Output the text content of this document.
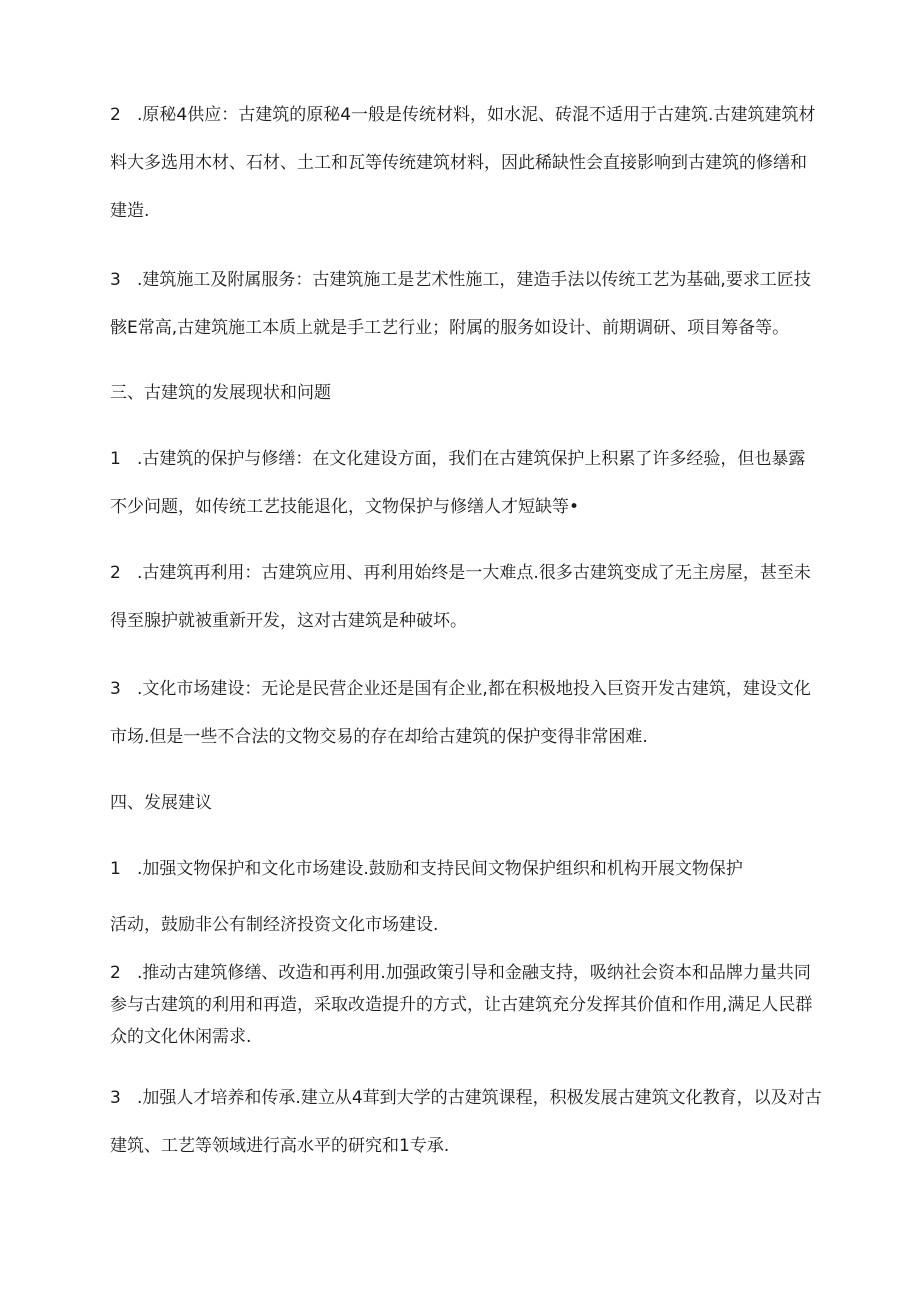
2   .原秘4供应：古建筑的原秘4一般是传统材料，如水泥、砖混不适用于古建筑.古建筑建筑材
料大多选用木材、石材、土工和瓦等传统建筑材料，因此稀缺性会直接影响到古建筑的修缮和
建造.
3   .建筑施工及附属服务：古建筑施工是艺术性施工，建造手法以传统工艺为基础,要求工匠技
骸E常高,古建筑施工本质上就是手工艺行业；附属的服务如设计、前期调研、项目筹备等。
三、古建筑的发展现状和问题
1   .古建筑的保护与修缮：在文化建设方面，我们在古建筑保护上积累了许多经验，但也暴露
不少问题，如传统工艺技能退化，文物保护与修缮人才短缺等•
2   .古建筑再利用：古建筑应用、再利用始终是一大难点.很多古建筑变成了无主房屋，甚至未
得至腺护就被重新开发，这对古建筑是种破坏。
3   .文化市场建设：无论是民营企业还是国有企业,都在积极地投入巨资开发古建筑，建设文化
市场.但是一些不合法的文物交易的存在却给古建筑的保护变得非常困难.
四、发展建议
1   .加强文物保护和文化市场建设.鼓励和支持民间文物保护组织和机构开展文物保护
活动，鼓励非公有制经济投资文化市场建设.
2   .推动古建筑修缮、改造和再利用.加强政策引导和金融支持，吸纳社会资本和品牌力量共同
参与古建筑的利用和再造，采取改造提升的方式，让古建筑充分发挥其价值和作用,满足人民群
众的文化休闲需求.
3   .加强人才培养和传承.建立从4茸到大学的古建筑课程，积极发展古建筑文化教育，以及对古
建筑、工艺等领域进行高水平的研究和1专承.
